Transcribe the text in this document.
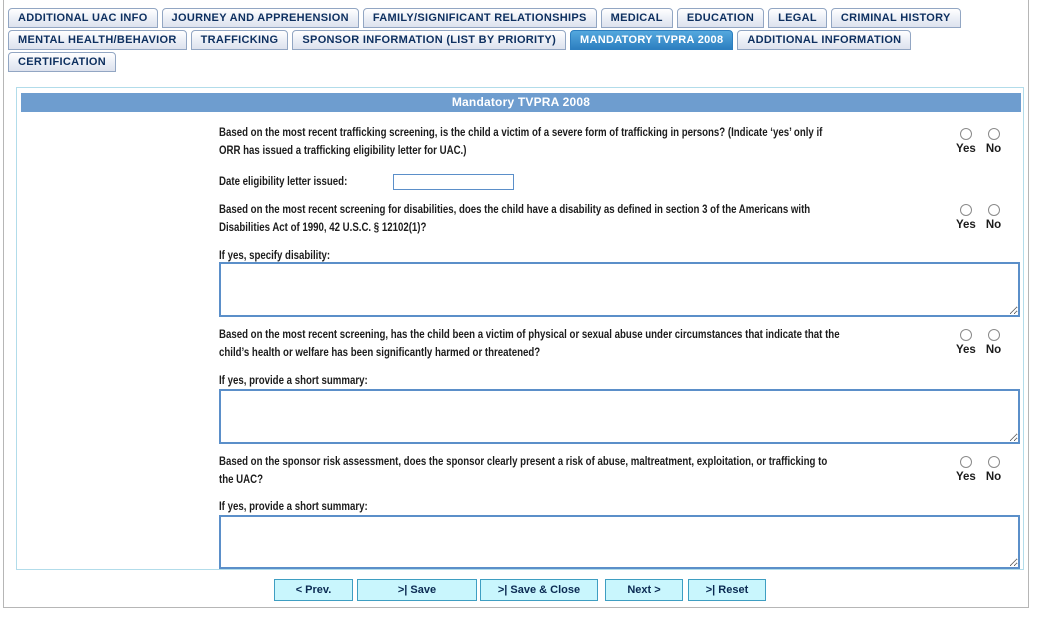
ADDITIONAL UAC INFO	JOURNEY AND APPREHENSION	FAMILY/SIGNIFICANT RELATIONSHIPS	MEDICAL	EDUCATION	LEGAL	CRIMINAL HISTORY
MENTAL HEALTH/BEHAVIOR	TRAFFICKING	SPONSOR INFORMATION (LIST BY PRIORITY)	MANDATORY TVPRA 2008	ADDITIONAL INFORMATION
CERTIFICATION
Mandatory TVPRA 2008
Based on the most recent trafficking screening, is the child a victim of a severe form of trafficking in persons? (Indicate ‘yes’ only if
ORR has issued a trafficking eligibility letter for UAC.)	Yes No
Date eligibility letter issued:
Based on the most recent screening for disabilities, does the child have a disability as defined in section 3 of the Americans with
Disabilities Act of 1990, 42 U.S.C. § 12102(1)?	Yes No
If yes, specify disability:
Based on the most recent screening, has the child been a victim of physical or sexual abuse under circumstances that indicate that the
child’s health or welfare has been significantly harmed or threatened?	Yes No
If yes, provide a short summary:
Based on the sponsor risk assessment, does the sponsor clearly present a risk of abuse, maltreatment, exploitation, or trafficking to
the UAC?	Yes No
If yes, provide a short summary:
< Prev.	>| Save	>| Save & Close	Next >	>| Reset
